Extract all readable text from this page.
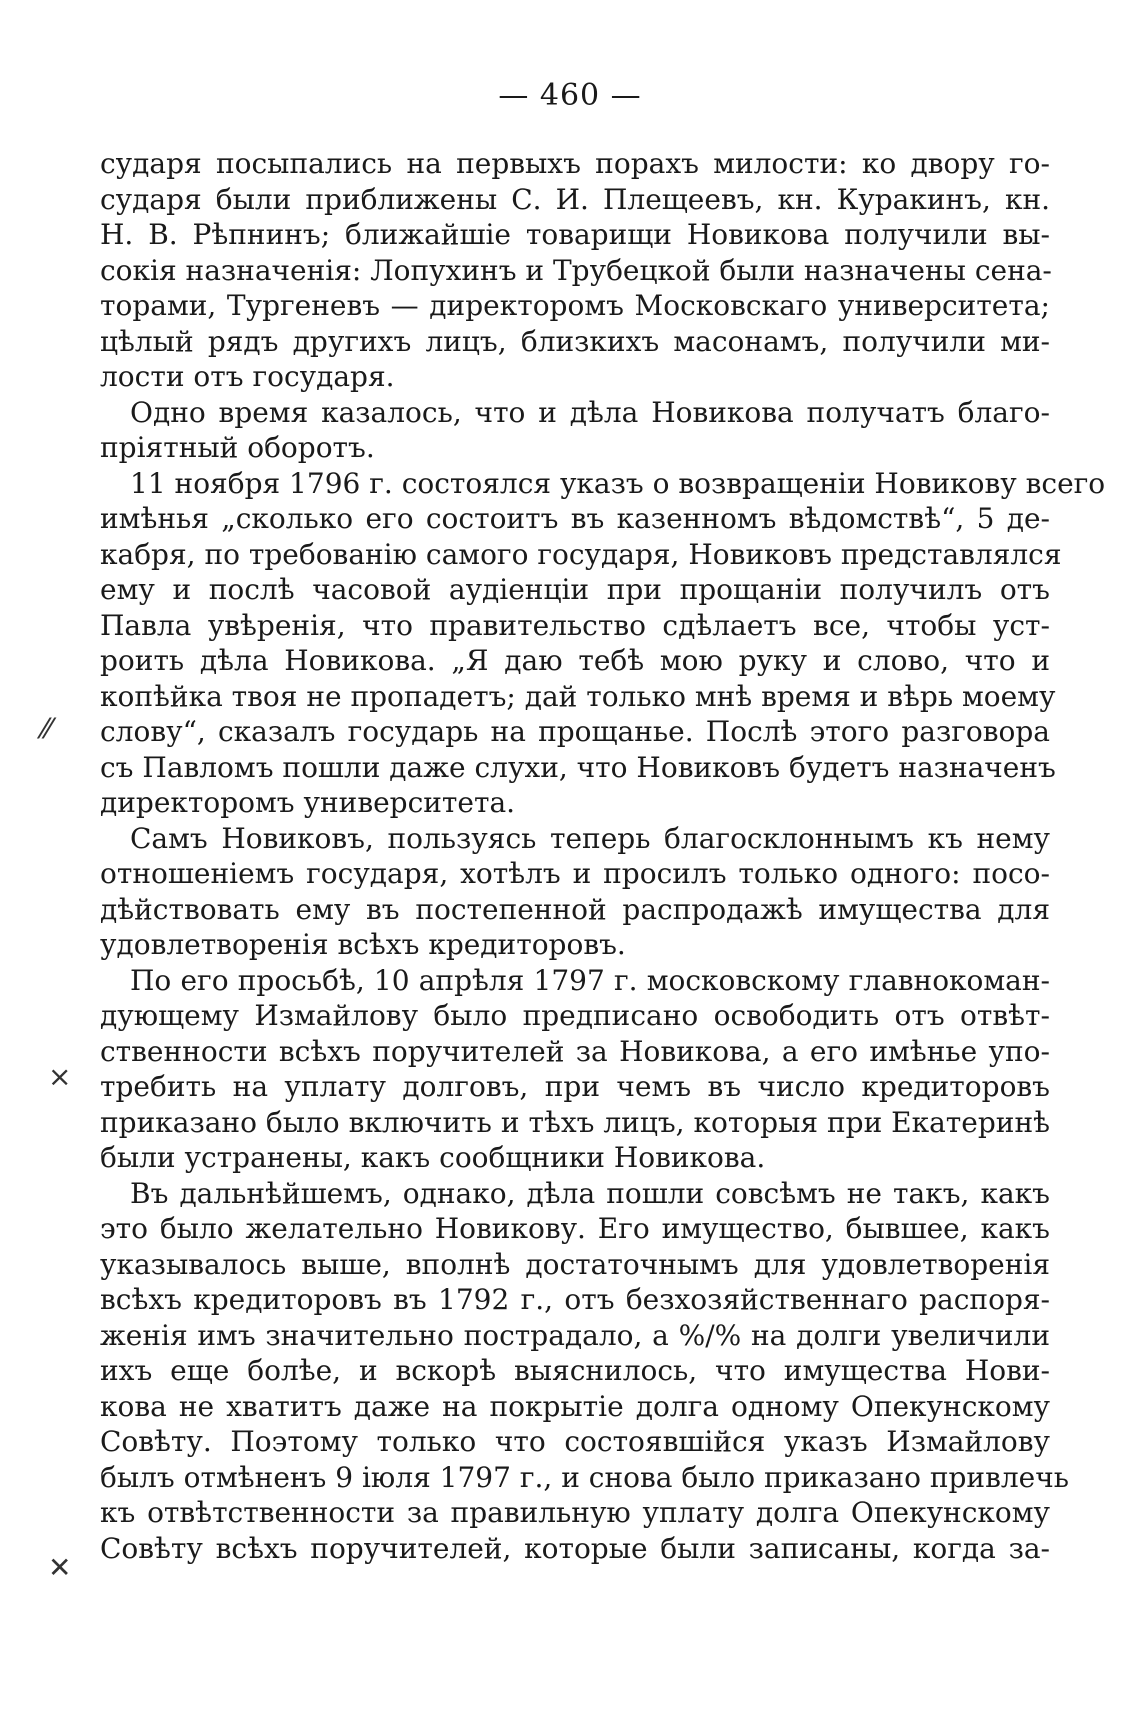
— 460 —
сударя посыпались на первыхъ порахъ милости: ко двору го-
сударя были приближены С. И. Плещеевъ, кн. Куракинъ, кн.
Н. В. Рѣпнинъ; ближайшіе товарищи Новикова получили вы-
сокія назначенія: Лопухинъ и Трубецкой были назначены сена-
торами, Тургеневъ — директоромъ Московскаго университета;
цѣлый рядъ другихъ лицъ, близкихъ масонамъ, получили ми-
лости отъ государя.
Одно время казалось, что и дѣла Новикова получатъ благо-
пріятный оборотъ.
11 ноября 1796 г. состоялся указъ о возвращеніи Новикову всего
имѣнья „сколько его состоитъ въ казенномъ вѣдомствѣ“, 5 де-
кабря, по требованію самого государя, Новиковъ представлялся
ему и послѣ часовой аудіенціи при прощаніи получилъ отъ
Павла увѣренія, что правительство сдѣлаетъ все, чтобы уст-
роить дѣла Новикова. „Я даю тебѣ мою руку и слово, что и
копѣйка твоя не пропадетъ; дай только мнѣ время и вѣрь моему
слову“, сказалъ государь на прощанье. Послѣ этого разговора
съ Павломъ пошли даже слухи, что Новиковъ будетъ назначенъ
директоромъ университета.
Самъ Новиковъ, пользуясь теперь благосклоннымъ къ нему
отношеніемъ государя, хотѣлъ и просилъ только одного: посо-
дѣйствовать ему въ постепенной распродажѣ имущества для
удовлетворенія всѣхъ кредиторовъ.
По его просьбѣ, 10 апрѣля 1797 г. московскому главнокоман-
дующему Измайлову было предписано освободить отъ отвѣт-
ственности всѣхъ поручителей за Новикова, а его имѣнье упо-
требить на уплату долговъ, при чемъ въ число кредиторовъ
приказано было включить и тѣхъ лицъ, которыя при Екатеринѣ
были устранены, какъ сообщники Новикова.
Въ дальнѣйшемъ, однако, дѣла пошли совсѣмъ не такъ, какъ
это было желательно Новикову. Его имущество, бывшее, какъ
указывалось выше, вполнѣ достаточнымъ для удовлетворенія
всѣхъ кредиторовъ въ 1792 г., отъ безхозяйственнаго распоря-
женія имъ значительно пострадало, а %/% на долги увеличили
ихъ еще болѣе, и вскорѣ выяснилось, что имущества Нови-
кова не хватитъ даже на покрытіе долга одному Опекунскому
Совѣту. Поэтому только что состоявшійся указъ Измайлову
былъ отмѣненъ 9 іюля 1797 г., и снова было приказано привлечь
къ отвѣтственности за правильную уплату долга Опекунскому
Совѣту всѣхъ поручителей, которые были записаны, когда за-
⁄⁄
×
✕
